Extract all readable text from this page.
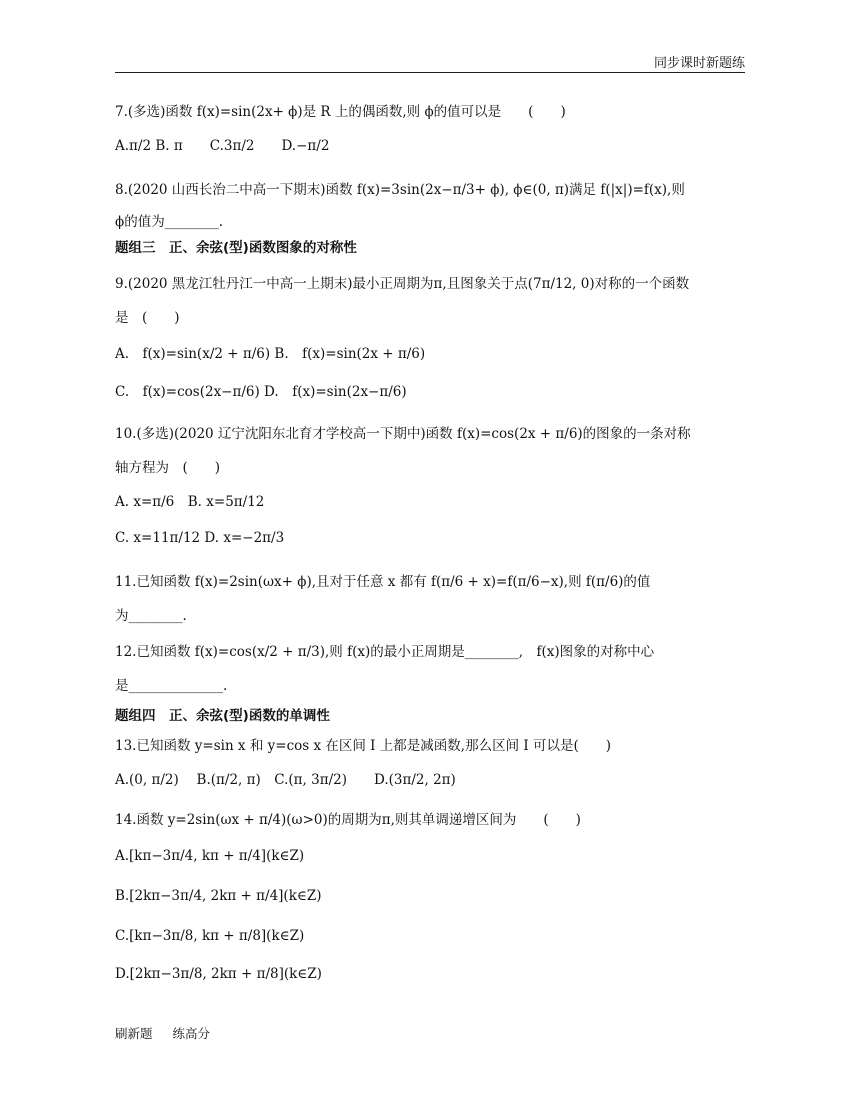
同步课时新题练
7.(多选)函数 f(x)=sin(2x+ ϕ)是 R 上的偶函数,则 ϕ的值可以是　　(　　)
A.π/2 B. π　　C.3π/2　　D.−π/2
8.(2020 山西长治二中高一下期末)函数 f(x)=3sin(2x−π/3+ ϕ), ϕ∈(0, π)满足 f(|x|)=f(x),则
ϕ的值为________.
题组三　正、余弦(型)函数图象的对称性
9.(2020 黑龙江牡丹江一中高一上期末)最小正周期为π,且图象关于点(7π/12, 0)对称的一个函数
是　(　　)
A.　f(x)=sin(x/2 + π/6) B.　f(x)=sin(2x + π/6)
C.　f(x)=cos(2x−π/6) D.　f(x)=sin(2x−π/6)
10.(多选)(2020 辽宁沈阳东北育才学校高一下期中)函数 f(x)=cos(2x + π/6)的图象的一条对称
轴方程为　(　　)
A. x=π/6　B. x=5π/12
C. x=11π/12 D. x=−2π/3
11.已知函数 f(x)=2sin(ωx+ ϕ),且对于任意 x 都有 f(π/6 + x)=f(π/6−x),则 f(π/6)的值
为________.
12.已知函数 f(x)=cos(x/2 + π/3),则 f(x)的最小正周期是________,　f(x)图象的对称中心
是______________.
题组四　正、余弦(型)函数的单调性
13.已知函数 y=sin x 和 y=cos x 在区间 I 上都是减函数,那么区间 I 可以是(　　)
A.(0, π/2)　 B.(π/2, π)　C.(π, 3π/2)　　D.(3π/2, 2π)
14.函数 y=2sin(ωx + π/4)(ω>0)的周期为π,则其单调递增区间为　　(　　)
A.[kπ−3π/4, kπ + π/4](k∈Z)
B.[2kπ−3π/4, 2kπ + π/4](k∈Z)
C.[kπ−3π/8, kπ + π/8](k∈Z)
D.[2kπ−3π/8, 2kπ + π/8](k∈Z)
刷新题 练高分
